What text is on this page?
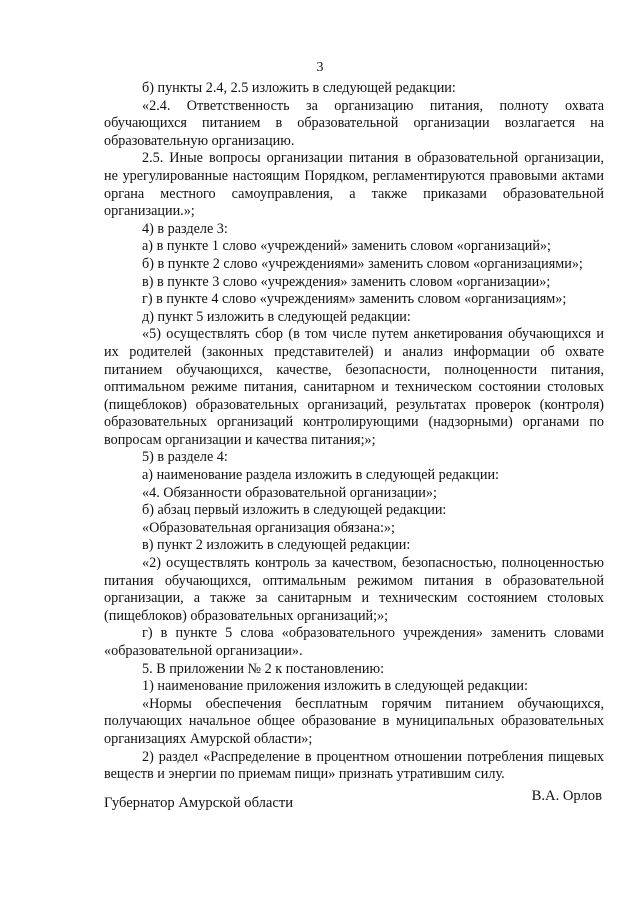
3

б) пункты 2.4, 2.5 изложить в следующей редакции:

«2.4. Ответственность за организацию питания, полноту охвата обучающихся питанием в образовательной организации возлагается на образовательную организацию.

2.5. Иные вопросы организации питания в образовательной организации, не урегулированные настоящим Порядком, регламентируются правовыми актами органа местного самоуправления, а также приказами образовательной организации.»;

4) в разделе 3:

а) в пункте 1 слово «учреждений» заменить словом «организаций»;

б) в пункте 2 слово «учреждениями» заменить словом «организациями»;

в) в пункте 3 слово «учреждения» заменить словом «организации»;

г) в пункте 4 слово «учреждениям» заменить словом «организациям»;

д) пункт 5 изложить в следующей редакции:

«5) осуществлять сбор (в том числе путем анкетирования обучающихся и их родителей (законных представителей) и анализ информации об охвате питанием обучающихся, качестве, безопасности, полноценности питания, оптимальном режиме питания, санитарном и техническом состоянии столовых (пищеблоков) образовательных организаций, результатах проверок (контроля) образовательных организаций контролирующими (надзорными) органами по вопросам организации и качества питания;»;

5) в разделе 4:

а) наименование раздела изложить в следующей редакции:

«4. Обязанности образовательной организации»;

б) абзац первый изложить в следующей редакции:

«Образовательная организация обязана:»;

в) пункт 2 изложить в следующей редакции:

«2) осуществлять контроль за качеством, безопасностью, полноценностью питания обучающихся, оптимальным режимом питания в образовательной организации, а также за санитарным и техническим состоянием столовых (пищеблоков) образовательных организаций;»;

г) в пункте 5 слова «образовательного учреждения» заменить словами «образовательной организации».

5. В приложении № 2 к постановлению:

1) наименование приложения изложить в следующей редакции:

«Нормы обеспечения бесплатным горячим питанием обучающихся, получающих начальное общее образование в муниципальных образовательных организациях Амурской области»;

2) раздел «Распределение в процентном отношении потребления пищевых веществ и энергии по приемам пищи» признать утратившим силу.

Губернатор Амурской области	В.А. Орлов
